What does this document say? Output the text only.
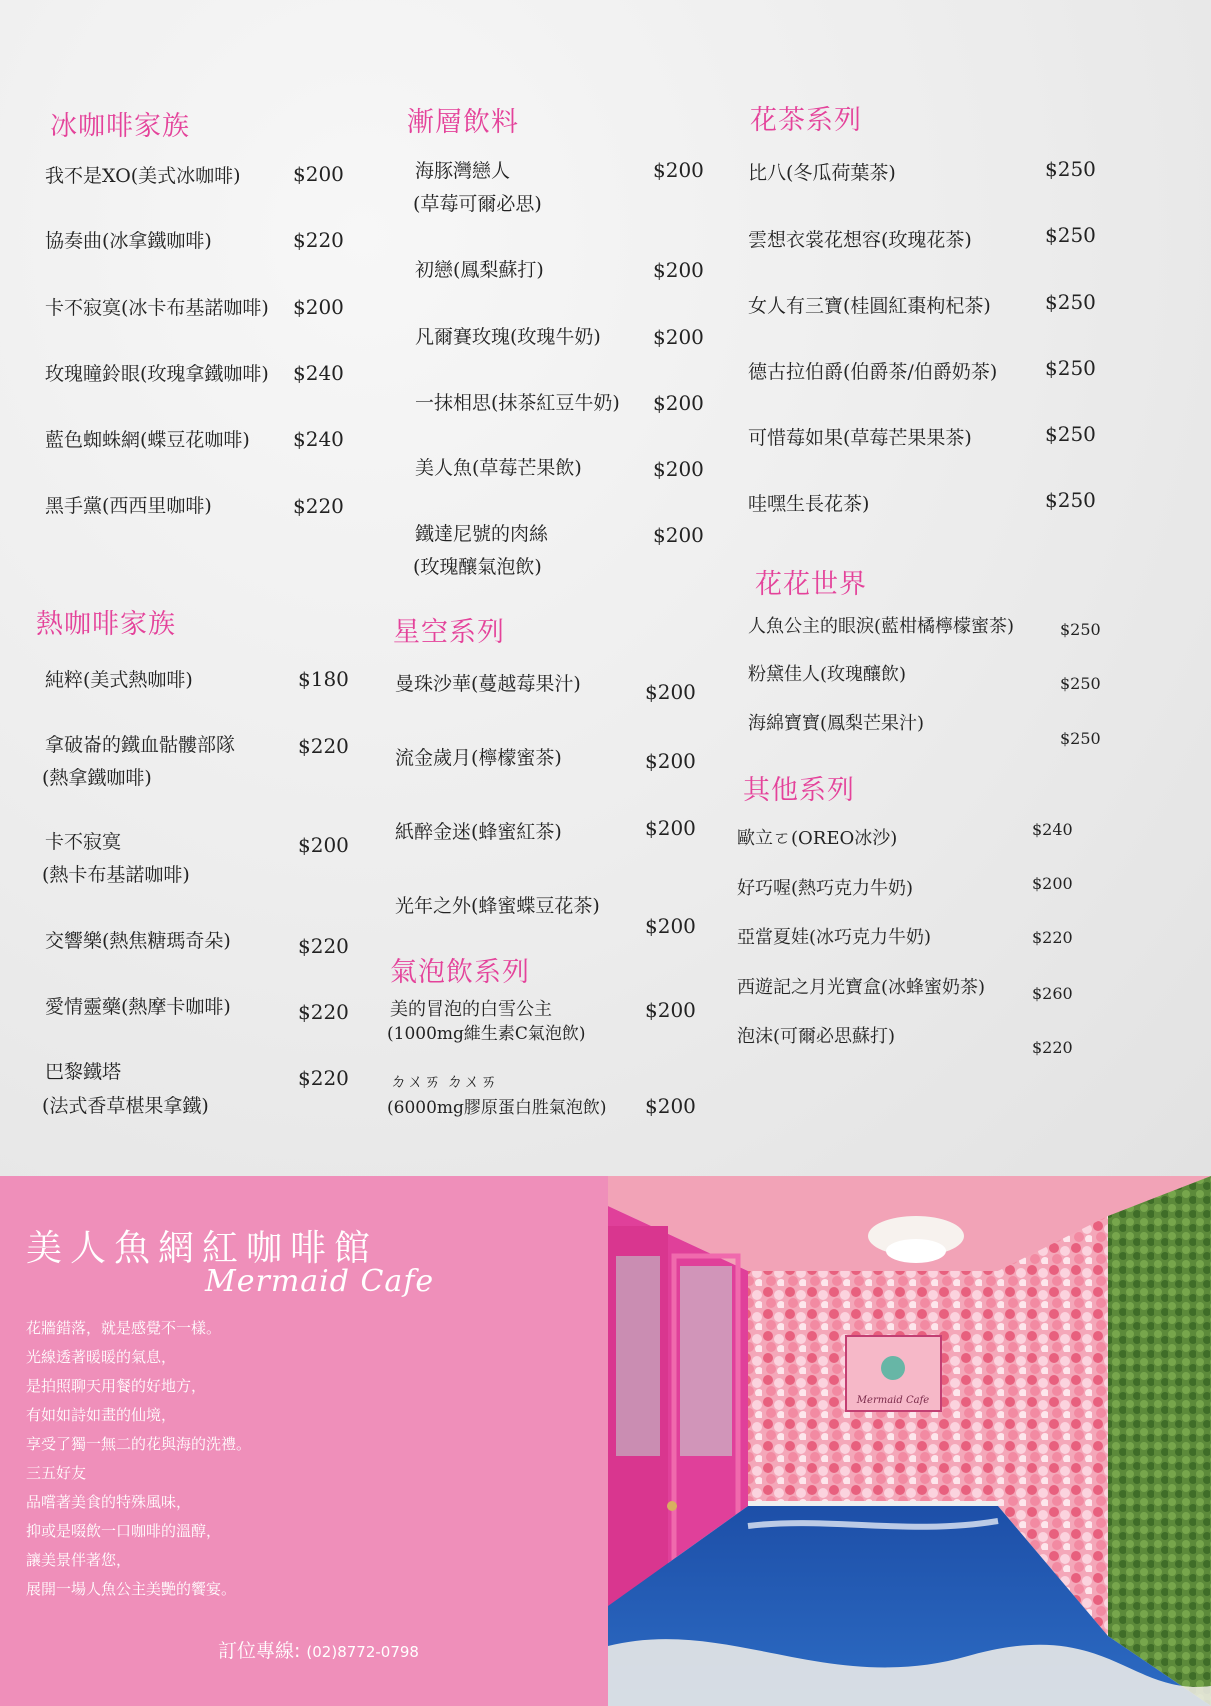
冰咖啡家族
我不是XO(美式冰咖啡)	$200
協奏曲(冰拿鐵咖啡)	$220
卡不寂寞(冰卡布基諾咖啡) $200
玫瑰瞳鈴眼(玫瑰拿鐵咖啡) $240
藍色蜘蛛網(蝶豆花咖啡) $240
黑手黨(西西里咖啡)	$220
熱咖啡家族
純粹(美式熱咖啡)	$180
拿破崙的鐵血骷髏部隊
(熱拿鐵咖啡)
$220
卡不寂寞
(熱卡布基諾咖啡)
$200
交響樂(熱焦糖瑪奇朵)	$220
愛情靈藥(熱摩卡咖啡)	$220
巴黎鐵塔
(法式香草椹果拿鐵)
$220
漸層飲料
海豚灣戀人
(草莓可爾必思)
$200
初戀(鳳梨蘇打)	$200
凡爾賽玫瑰(玫瑰牛奶)	$200
一抹相思(抹茶紅豆牛奶) $200
美人魚(草莓芒果飲)	$200
鐵達尼號的肉絲
(玫瑰釀氣泡飲)
$200
星空系列
曼珠沙華(蔓越莓果汁)	$200
流金歲月(檸檬蜜茶)	$200
紙醉金迷(蜂蜜紅茶)	$200
光年之外(蜂蜜蝶豆花茶)
$200
氣泡飲系列
美的冒泡的白雪公主
(1000mg維生素C氣泡飲)
$200
ㄉㄨㄞ ㄉㄨㄞ
(6000mg膠原蛋白胜氣泡飲) $200
花茶系列
比八(冬瓜荷葉茶)	$250
雲想衣裳花想容(玫瑰花茶)	$250
女人有三寶(桂圓紅棗枸杞茶)	$250
德古拉伯爵(伯爵茶/伯爵奶茶) $250
可惜莓如果(草莓芒果果茶)	$250
哇嘿生長花茶)	$250
花花世界
人魚公主的眼淚(藍柑橘檸檬蜜茶)	$250
粉黛佳人(玫瑰釀飲)	$250
海綿寶寶(鳳梨芒果汁)
$250
其他系列
歐立ㄛ(OREO冰沙)	$240
好巧喔(熱巧克力牛奶)	$200
亞當夏娃(冰巧克力牛奶)	$220
西遊記之月光寶盒(冰蜂蜜奶茶)	$260
泡沫(可爾必思蘇打)
$220
美人魚網紅咖啡館
Mermaid Cafe
花牆錯落，就是感覺不一樣。
光線透著暖暖的氣息，
是拍照聊天用餐的好地方，
有如如詩如畫的仙境，
享受了獨一無二的花與海的洗禮。
三五好友
品嚐著美食的特殊風味，
抑或是啜飲一口咖啡的溫醇，
讓美景伴著您，
展開一場人魚公主美艷的饗宴。
訂位專線: (02)8772-0798
Mermaid Cafe
